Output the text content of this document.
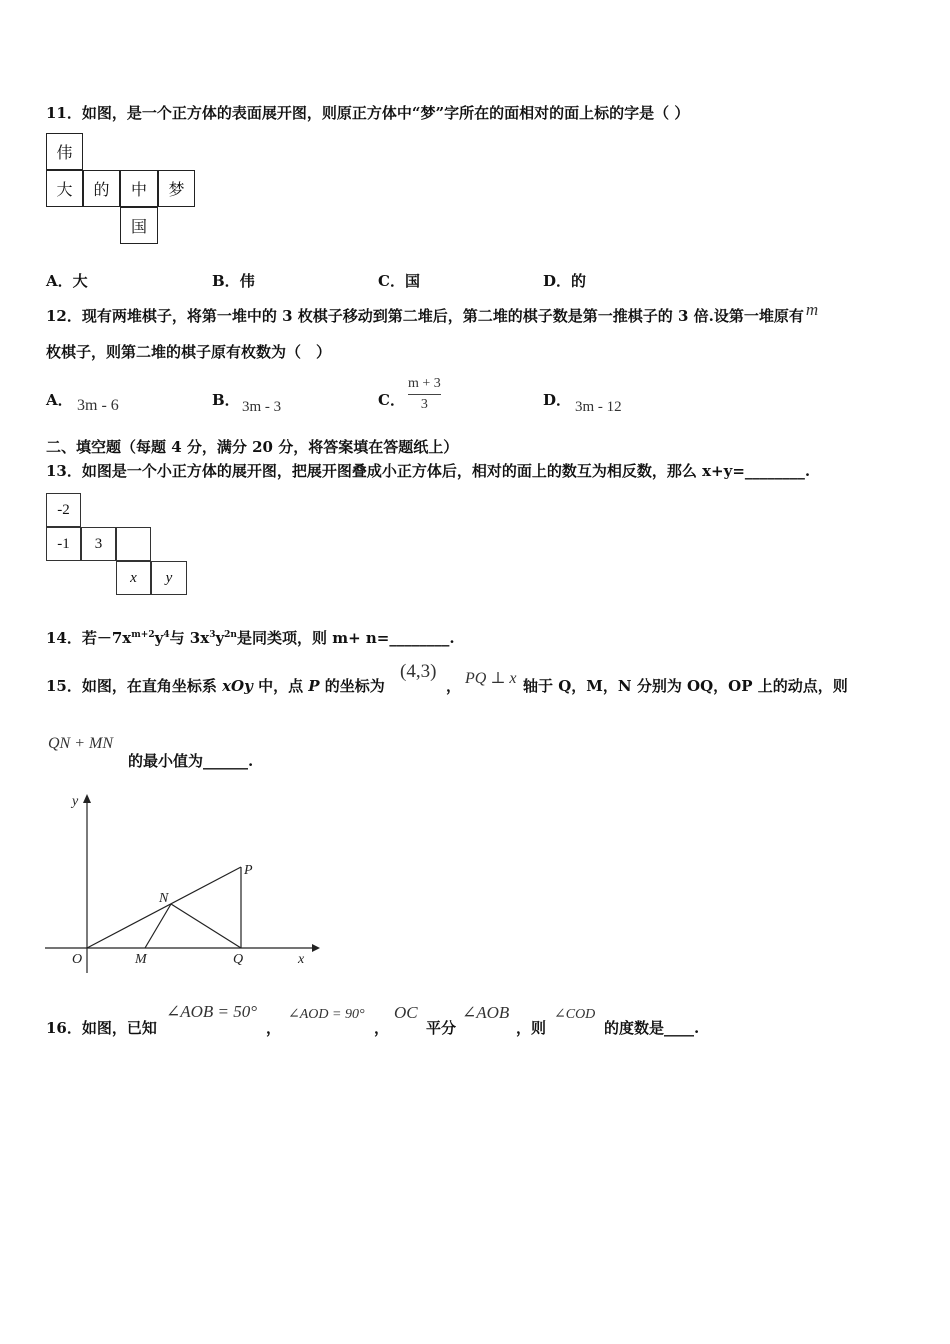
11．如图，是一个正方体的表面展开图，则原正方体中“梦”字所在的面相对的面上标的字是（ ）
伟
大	的	中	梦
国
A．大	B．伟	C．国	D．的
12．现有两堆棋子，将第一堆中的 3 枚棋子移动到第二堆后，第二堆的棋子数是第一推棋子的 3 倍.设第一堆原有 m
枚棋子，则第二堆的棋子原有枚数为（　）
A． 3m - 6	B． 3m - 3	C．
m + 3
3	D． 3m - 12
二、填空题（每题 4 分，满分 20 分，将答案填在答题纸上）
13．如图是一个小正方体的展开图，把展开图叠成小正方体后，相对的面上的数互为相反数，那么 x+y=________.
-2
-1	3
x	y
14．若$-7x^{m+2}y^4$与 $3x^3y^{2n}$是同类项，则 m+ n=________.
15．如图，在直角坐标系 xOy 中，点 P 的坐标为
(4,3)
， PQ ⊥ x 轴于 Q，M，N 分别为 OQ，OP 上的动点，则
QN + MN
的最小值为______.
y
x
O	M	Q
N
P
16．如图，已知
∠AOB = 50°
，
∠AOD = 90°
，
OC
平分
∠AOB
，则
∠COD
的度数是____.
